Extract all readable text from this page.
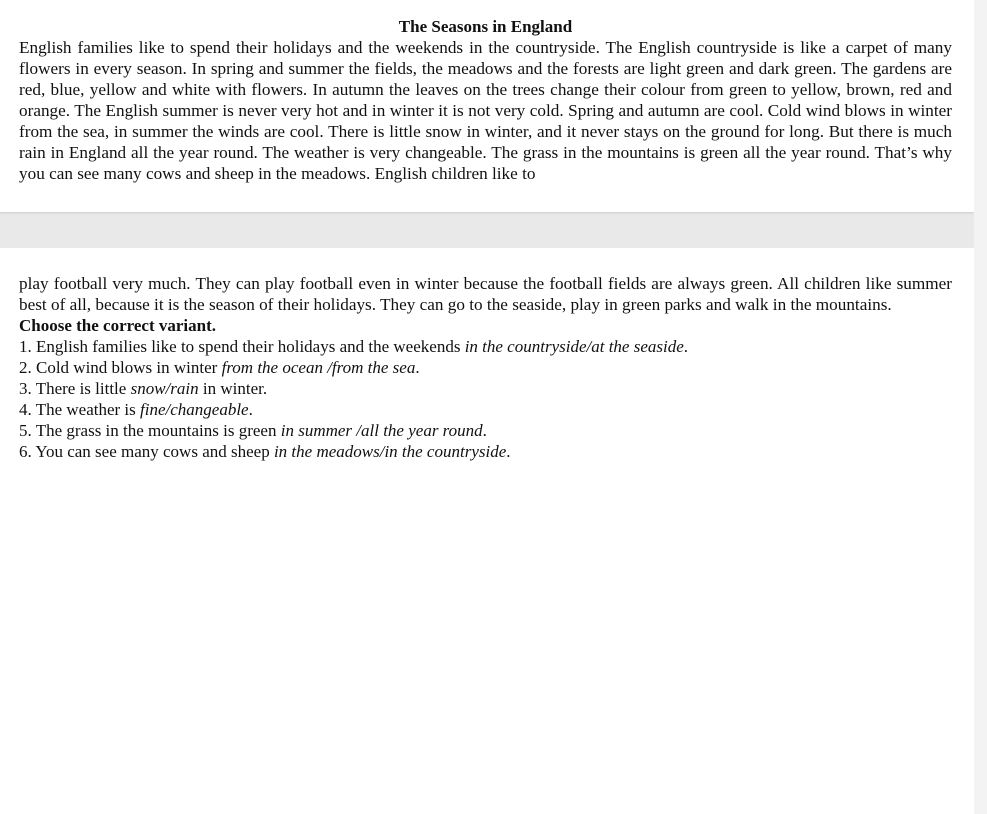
The Seasons in England

English families like to spend their holidays and the weekends in the countryside. The English countryside is like a carpet of many flowers in every season. In spring and summer the fields, the meadows and the forests are light green and dark green. The gardens are red, blue, yellow and white with flowers. In autumn the leaves on the trees change their colour from green to yellow, brown, red and orange. The English summer is never very hot and in winter it is not very cold. Spring and autumn are cool. Cold wind blows in winter from the sea, in summer the winds are cool. There is little snow in winter, and it never stays on the ground for long. But there is much rain in England all the year round. The weather is very changeable. The grass in the mountains is green all the year round. That’s why you can see many cows and sheep in the meadows. English children like to

play football very much. They can play football even in winter because the football fields are always green. All children like summer best of all, because it is the season of their holidays. They can go to the seaside, play in green parks and walk in the mountains.

Choose the correct variant.

1. English families like to spend their holidays and the weekends in the countryside/at the seaside.

2. Cold wind blows in winter from the ocean /from the sea.

3. There is little snow/rain in winter.

4. The weather is fine/changeable.

5. The grass in the mountains is green in summer /all the year round.

6. You can see many cows and sheep in the meadows/in the countryside.
